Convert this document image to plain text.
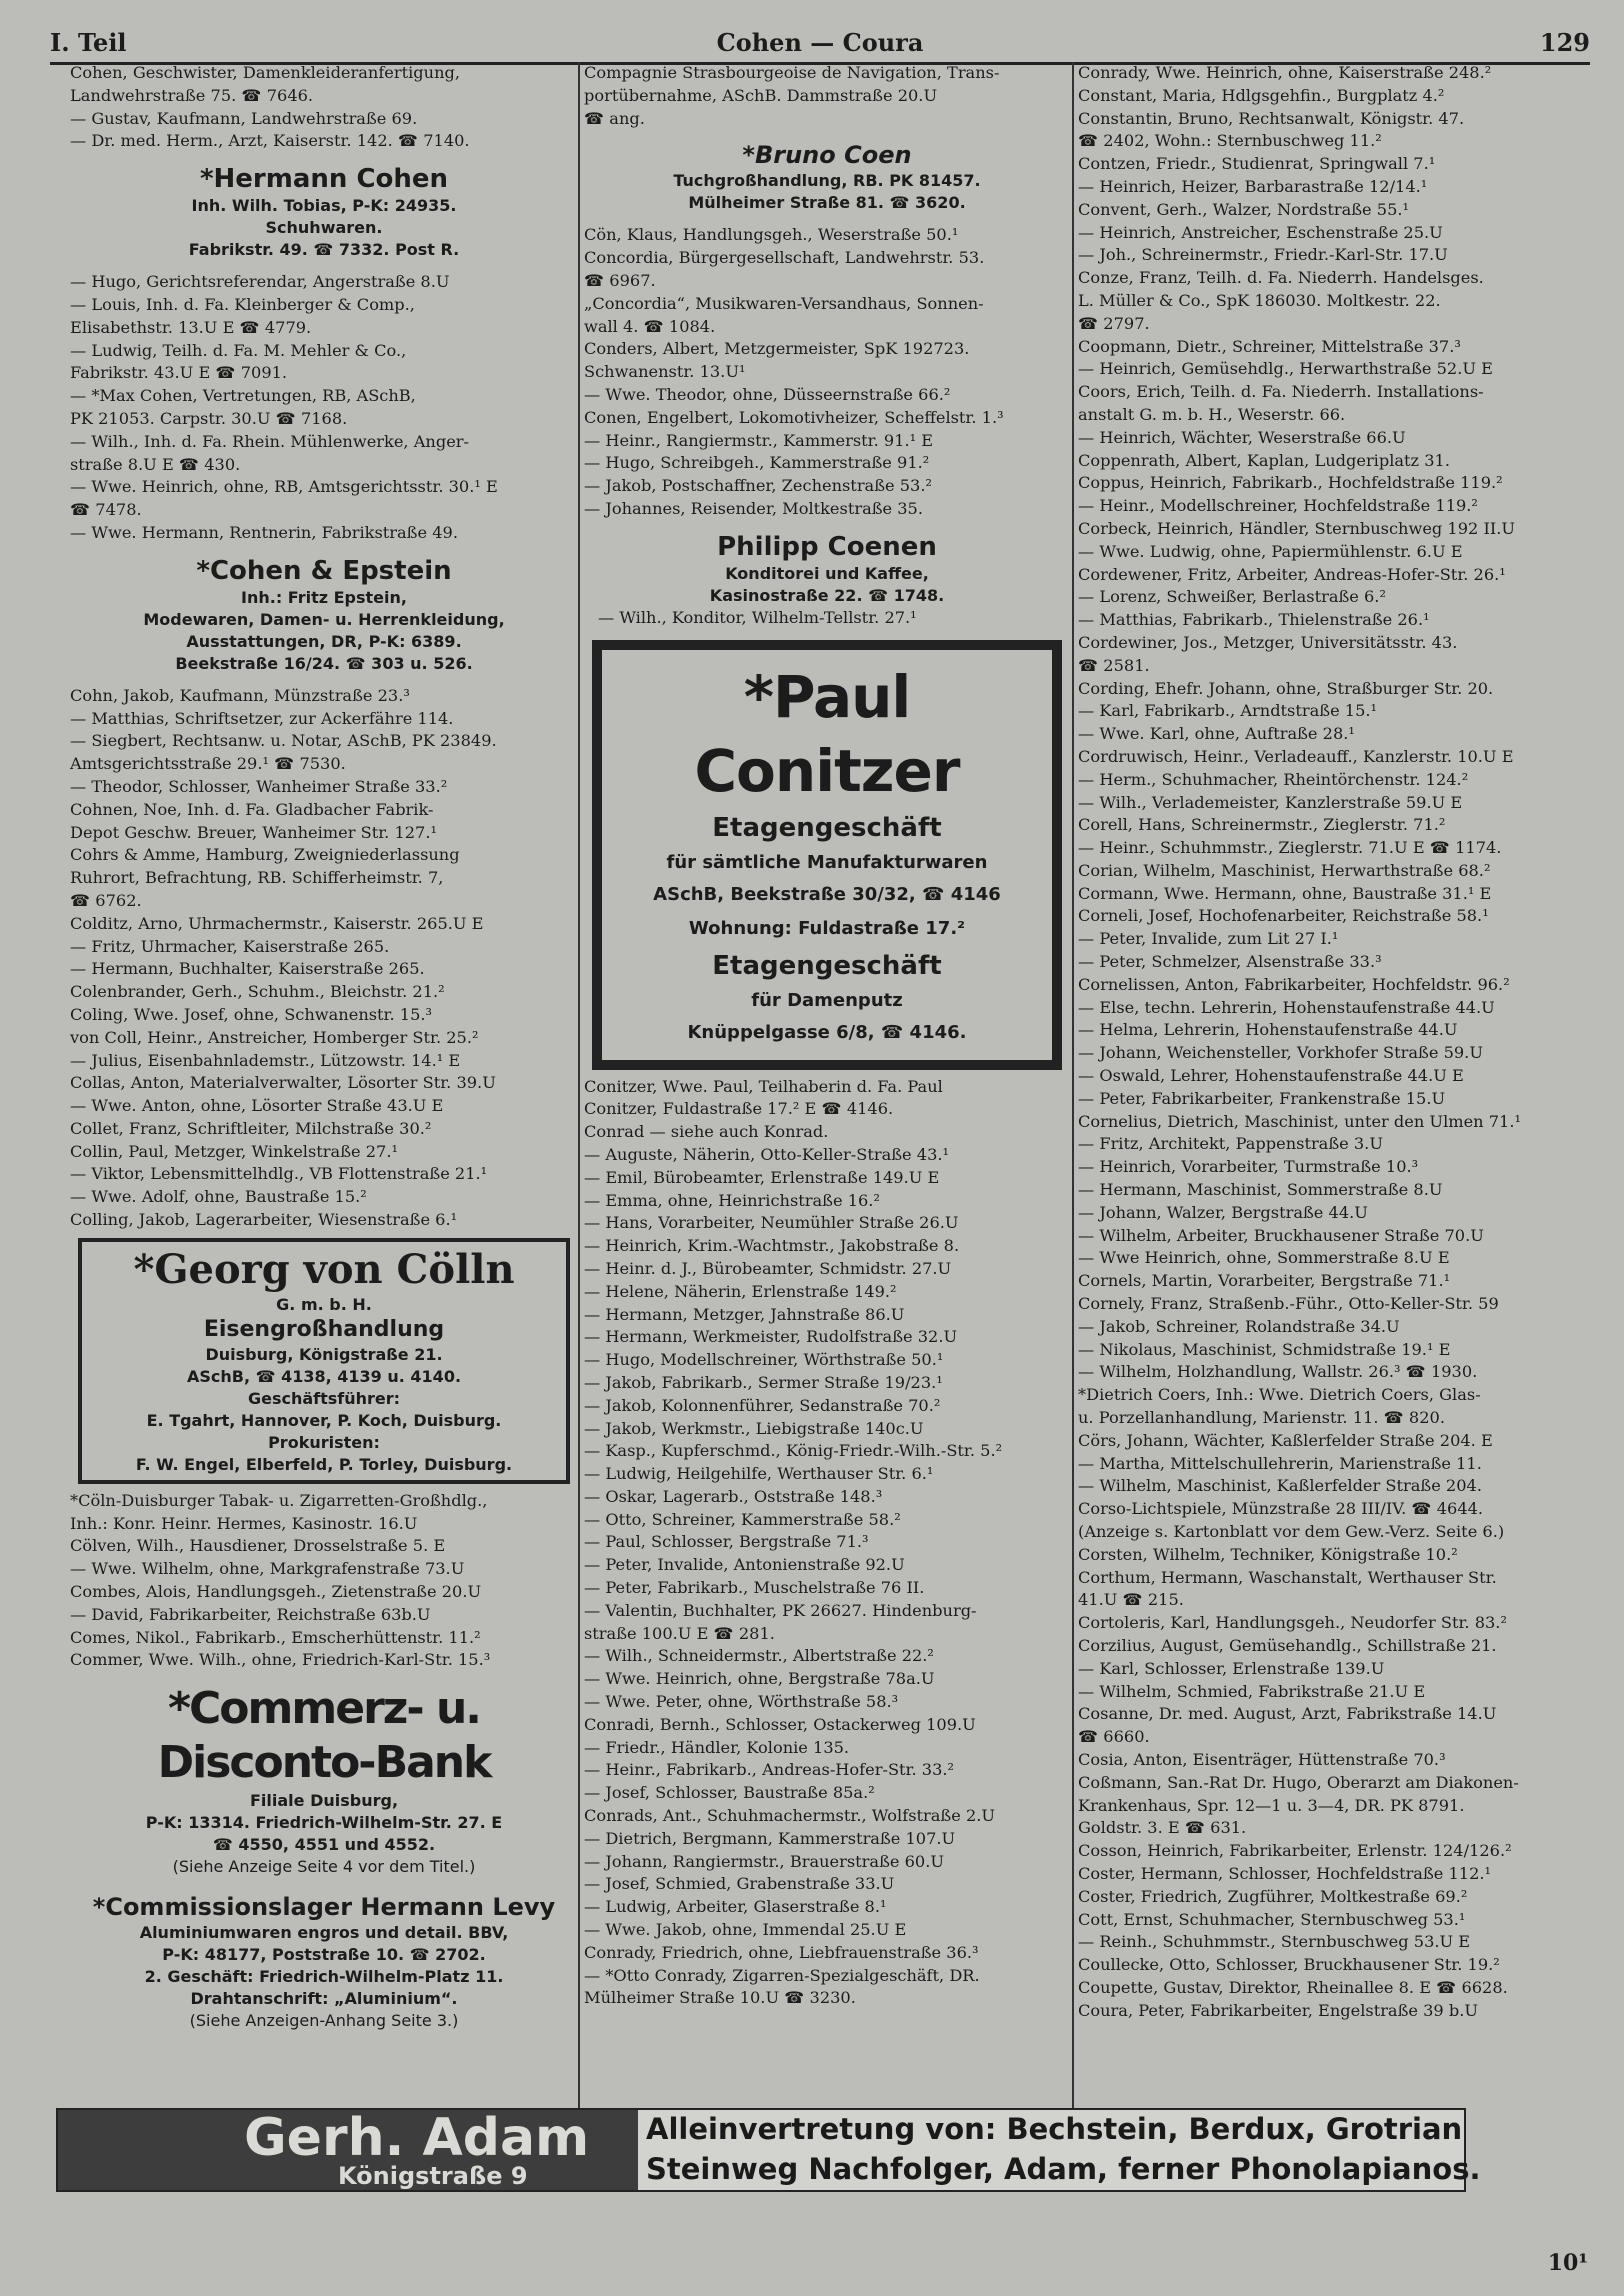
I. Teil	Cohen — Coura	129
Cohen, Geschwister, Damenkleideranfertigung,
Landwehrstraße 75. ☎ 7646.
— Gustav, Kaufmann, Landwehrstraße 69.
— Dr. med. Herm., Arzt, Kaiserstr. 142. ☎ 7140.
*Hermann Cohen
Inh. Wilh. Tobias, P-K: 24935.
Schuhwaren.
Fabrikstr. 49. ☎ 7332. Post R.
— Hugo, Gerichtsreferendar, Angerstraße 8.U
— Louis, Inh. d. Fa. Kleinberger & Comp.,
Elisabethstr. 13.U E ☎ 4779.
— Ludwig, Teilh. d. Fa. M. Mehler & Co.,
Fabrikstr. 43.U E ☎ 7091.
— *Max Cohen, Vertretungen, RB, ASchB,
PK 21053. Carpstr. 30.U ☎ 7168.
— Wilh., Inh. d. Fa. Rhein. Mühlenwerke, Anger-
straße 8.U E ☎ 430.
— Wwe. Heinrich, ohne, RB, Amtsgerichtsstr. 30.¹ E
☎ 7478.
— Wwe. Hermann, Rentnerin, Fabrikstraße 49.
*Cohen & Epstein
Inh.: Fritz Epstein,
Modewaren, Damen- u. Herrenkleidung,
Ausstattungen, DR, P-K: 6389.
Beekstraße 16/24. ☎ 303 u. 526.
Cohn, Jakob, Kaufmann, Münzstraße 23.³
— Matthias, Schriftsetzer, zur Ackerfähre 114.
— Siegbert, Rechtsanw. u. Notar, ASchB, PK 23849.
Amtsgerichtsstraße 29.¹ ☎ 7530.
— Theodor, Schlosser, Wanheimer Straße 33.²
Cohnen, Noe, Inh. d. Fa. Gladbacher Fabrik-
Depot Geschw. Breuer, Wanheimer Str. 127.¹
Cohrs & Amme, Hamburg, Zweigniederlassung
Ruhrort, Befrachtung, RB. Schifferheimstr. 7,
☎ 6762.
Colditz, Arno, Uhrmachermstr., Kaiserstr. 265.U E
— Fritz, Uhrmacher, Kaiserstraße 265.
— Hermann, Buchhalter, Kaiserstraße 265.
Colenbrander, Gerh., Schuhm., Bleichstr. 21.²
Coling, Wwe. Josef, ohne, Schwanenstr. 15.³
von Coll, Heinr., Anstreicher, Homberger Str. 25.²
— Julius, Eisenbahnlademstr., Lützowstr. 14.¹ E
Collas, Anton, Materialverwalter, Lösorter Str. 39.U
— Wwe. Anton, ohne, Lösorter Straße 43.U E
Collet, Franz, Schriftleiter, Milchstraße 30.²
Collin, Paul, Metzger, Winkelstraße 27.¹
— Viktor, Lebensmittelhdlg., VB Flottenstraße 21.¹
— Wwe. Adolf, ohne, Baustraße 15.²
Colling, Jakob, Lagerarbeiter, Wiesenstraße 6.¹
*Georg von Cölln
G. m. b. H.
Eisengroßhandlung
Duisburg, Königstraße 21.
ASchB, ☎ 4138, 4139 u. 4140.
Geschäftsführer:
E. Tgahrt, Hannover, P. Koch, Duisburg.
Prokuristen:
F. W. Engel, Elberfeld, P. Torley, Duisburg.
*Cöln-Duisburger Tabak- u. Zigarretten-Großhdlg.,
Inh.: Konr. Heinr. Hermes, Kasinostr. 16.U
Cölven, Wilh., Hausdiener, Drosselstraße 5. E
— Wwe. Wilhelm, ohne, Markgrafenstraße 73.U
Combes, Alois, Handlungsgeh., Zietenstraße 20.U
— David, Fabrikarbeiter, Reichstraße 63b.U
Comes, Nikol., Fabrikarb., Emscherhüttenstr. 11.²
Commer, Wwe. Wilh., ohne, Friedrich-Karl-Str. 15.³
*Commerz- u. Disconto-Bank
Filiale Duisburg,
P-K: 13314. Friedrich-Wilhelm-Str. 27. E
☎ 4550, 4551 und 4552.
(Siehe Anzeige Seite 4 vor dem Titel.)
*Commissionslager Hermann Levy
Aluminiumwaren engros und detail. BBV,
P-K: 48177, Poststraße 10. ☎ 2702.
2. Geschäft: Friedrich-Wilhelm-Platz 11.
Drahtanschrift: „Aluminium“.
(Siehe Anzeigen-Anhang Seite 3.)
Compagnie Strasbourgeoise de Navigation, Trans-
portübernahme, ASchB. Dammstraße 20.U
☎ ang.
*Bruno Coen
Tuchgroßhandlung, RB. PK 81457.
Mülheimer Straße 81. ☎ 3620.
Cön, Klaus, Handlungsgeh., Weserstraße 50.¹
Concordia, Bürgergesellschaft, Landwehrstr. 53.
☎ 6967.
„Concordia“, Musikwaren-Versandhaus, Sonnen-
wall 4. ☎ 1084.
Conders, Albert, Metzgermeister, SpK 192723.
Schwanenstr. 13.U¹
— Wwe. Theodor, ohne, Düsseernstraße 66.²
Conen, Engelbert, Lokomotivheizer, Scheffelstr. 1.³
— Heinr., Rangiermstr., Kammerstr. 91.¹ E
— Hugo, Schreibgeh., Kammerstraße 91.²
— Jakob, Postschaffner, Zechenstraße 53.²
— Johannes, Reisender, Moltkestraße 35.
Philipp Coenen
Konditorei und Kaffee,
Kasinostraße 22. ☎ 1748.
— Wilh., Konditor, Wilhelm-Tellstr. 27.¹
*Paul Conitzer
Etagengeschäft
für sämtliche Manufakturwaren
ASchB, Beekstraße 30/32, ☎ 4146
Wohnung: Fuldastraße 17.²
Etagengeschäft
für Damenputz
Knüppelgasse 6/8, ☎ 4146.
Conitzer, Wwe. Paul, Teilhaberin d. Fa. Paul
Conitzer, Fuldastraße 17.² E ☎ 4146.
Conrad — siehe auch Konrad.
— Auguste, Näherin, Otto-Keller-Straße 43.¹
— Emil, Bürobeamter, Erlenstraße 149.U E
— Emma, ohne, Heinrichstraße 16.²
— Hans, Vorarbeiter, Neumühler Straße 26.U
— Heinrich, Krim.-Wachtmstr., Jakobstraße 8.
— Heinr. d. J., Bürobeamter, Schmidstr. 27.U
— Helene, Näherin, Erlenstraße 149.²
— Hermann, Metzger, Jahnstraße 86.U
— Hermann, Werkmeister, Rudolfstraße 32.U
— Hugo, Modellschreiner, Wörthstraße 50.¹
— Jakob, Fabrikarb., Sermer Straße 19/23.¹
— Jakob, Kolonnenführer, Sedanstraße 70.²
— Jakob, Werkmstr., Liebigstraße 140c.U
— Kasp., Kupferschmd., König-Friedr.-Wilh.-Str. 5.²
— Ludwig, Heilgehilfe, Werthauser Str. 6.¹
— Oskar, Lagerarb., Oststraße 148.³
— Otto, Schreiner, Kammerstraße 58.²
— Paul, Schlosser, Bergstraße 71.³
— Peter, Invalide, Antonienstraße 92.U
— Peter, Fabrikarb., Muschelstraße 76 II.
— Valentin, Buchhalter, PK 26627. Hindenburg-
straße 100.U E ☎ 281.
— Wilh., Schneidermstr., Albertstraße 22.²
— Wwe. Heinrich, ohne, Bergstraße 78a.U
— Wwe. Peter, ohne, Wörthstraße 58.³
Conradi, Bernh., Schlosser, Ostackerweg 109.U
— Friedr., Händler, Kolonie 135.
— Heinr., Fabrikarb., Andreas-Hofer-Str. 33.²
— Josef, Schlosser, Baustraße 85a.²
Conrads, Ant., Schuhmachermstr., Wolfstraße 2.U
— Dietrich, Bergmann, Kammerstraße 107.U
— Johann, Rangiermstr., Brauerstraße 60.U
— Josef, Schmied, Grabenstraße 33.U
— Ludwig, Arbeiter, Glaserstraße 8.¹
— Wwe. Jakob, ohne, Immendal 25.U E
Conrady, Friedrich, ohne, Liebfrauenstraße 36.³
— *Otto Conrady, Zigarren-Spezialgeschäft, DR.
Mülheimer Straße 10.U ☎ 3230.
Conrady, Wwe. Heinrich, ohne, Kaiserstraße 248.²
Constant, Maria, Hdlgsgehfin., Burgplatz 4.²
Constantin, Bruno, Rechtsanwalt, Königstr. 47.
☎ 2402, Wohn.: Sternbuschweg 11.²
Contzen, Friedr., Studienrat, Springwall 7.¹
— Heinrich, Heizer, Barbarastraße 12/14.¹
Convent, Gerh., Walzer, Nordstraße 55.¹
— Heinrich, Anstreicher, Eschenstraße 25.U
— Joh., Schreinermstr., Friedr.-Karl-Str. 17.U
Conze, Franz, Teilh. d. Fa. Niederrh. Handelsges.
L. Müller & Co., SpK 186030. Moltkestr. 22.
☎ 2797.
Coopmann, Dietr., Schreiner, Mittelstraße 37.³
— Heinrich, Gemüsehdlg., Herwarthstraße 52.U E
Coors, Erich, Teilh. d. Fa. Niederrh. Installations-
anstalt G. m. b. H., Weserstr. 66.
— Heinrich, Wächter, Weserstraße 66.U
Coppenrath, Albert, Kaplan, Ludgeriplatz 31.
Coppus, Heinrich, Fabrikarb., Hochfeldstraße 119.²
— Heinr., Modellschreiner, Hochfeldstraße 119.²
Corbeck, Heinrich, Händler, Sternbuschweg 192 II.U
— Wwe. Ludwig, ohne, Papiermühlenstr. 6.U E
Cordewener, Fritz, Arbeiter, Andreas-Hofer-Str. 26.¹
— Lorenz, Schweißer, Berlastraße 6.²
— Matthias, Fabrikarb., Thielenstraße 26.¹
Cordewiner, Jos., Metzger, Universitätsstr. 43.
☎ 2581.
Cording, Ehefr. Johann, ohne, Straßburger Str. 20.
— Karl, Fabrikarb., Arndtstraße 15.¹
— Wwe. Karl, ohne, Auftraße 28.¹
Cordruwisch, Heinr., Verladeauff., Kanzlerstr. 10.U E
— Herm., Schuhmacher, Rheintörchenstr. 124.²
— Wilh., Verlademeister, Kanzlerstraße 59.U E
Corell, Hans, Schreinermstr., Zieglerstr. 71.²
— Heinr., Schuhmmstr., Zieglerstr. 71.U E ☎ 1174.
Corian, Wilhelm, Maschinist, Herwarthstraße 68.²
Cormann, Wwe. Hermann, ohne, Baustraße 31.¹ E
Corneli, Josef, Hochofenarbeiter, Reichstraße 58.¹
— Peter, Invalide, zum Lit 27 I.¹
— Peter, Schmelzer, Alsenstraße 33.³
Cornelissen, Anton, Fabrikarbeiter, Hochfeldstr. 96.²
— Else, techn. Lehrerin, Hohenstaufenstraße 44.U
— Helma, Lehrerin, Hohenstaufenstraße 44.U
— Johann, Weichensteller, Vorkhofer Straße 59.U
— Oswald, Lehrer, Hohenstaufenstraße 44.U E
— Peter, Fabrikarbeiter, Frankenstraße 15.U
Cornelius, Dietrich, Maschinist, unter den Ulmen 71.¹
— Fritz, Architekt, Pappenstraße 3.U
— Heinrich, Vorarbeiter, Turmstraße 10.³
— Hermann, Maschinist, Sommerstraße 8.U
— Johann, Walzer, Bergstraße 44.U
— Wilhelm, Arbeiter, Bruckhausener Straße 70.U
— Wwe Heinrich, ohne, Sommerstraße 8.U E
Cornels, Martin, Vorarbeiter, Bergstraße 71.¹
Cornely, Franz, Straßenb.-Führ., Otto-Keller-Str. 59
— Jakob, Schreiner, Rolandstraße 34.U
— Nikolaus, Maschinist, Schmidstraße 19.¹ E
— Wilhelm, Holzhandlung, Wallstr. 26.³ ☎ 1930.
*Dietrich Coers, Inh.: Wwe. Dietrich Coers, Glas-
u. Porzellanhandlung, Marienstr. 11. ☎ 820.
Cörs, Johann, Wächter, Kaßlerfelder Straße 204. E
— Martha, Mittelschullehrerin, Marienstraße 11.
— Wilhelm, Maschinist, Kaßlerfelder Straße 204.
Corso-Lichtspiele, Münzstraße 28 III/IV. ☎ 4644.
(Anzeige s. Kartonblatt vor dem Gew.-Verz. Seite 6.)
Corsten, Wilhelm, Techniker, Königstraße 10.²
Corthum, Hermann, Waschanstalt, Werthauser Str.
41.U ☎ 215.
Cortoleris, Karl, Handlungsgeh., Neudorfer Str. 83.²
Corzilius, August, Gemüsehandlg., Schillstraße 21.
— Karl, Schlosser, Erlenstraße 139.U
— Wilhelm, Schmied, Fabrikstraße 21.U E
Cosanne, Dr. med. August, Arzt, Fabrikstraße 14.U
☎ 6660.
Cosia, Anton, Eisenträger, Hüttenstraße 70.³
Coßmann, San.-Rat Dr. Hugo, Oberarzt am Diakonen-
Krankenhaus, Spr. 12—1 u. 3—4, DR. PK 8791.
Goldstr. 3. E ☎ 631.
Cosson, Heinrich, Fabrikarbeiter, Erlenstr. 124/126.²
Coster, Hermann, Schlosser, Hochfeldstraße 112.¹
Coster, Friedrich, Zugführer, Moltkestraße 69.²
Cott, Ernst, Schuhmacher, Sternbuschweg 53.¹
— Reinh., Schuhmmstr., Sternbuschweg 53.U E
Coullecke, Otto, Schlosser, Bruckhausener Str. 19.²
Coupette, Gustav, Direktor, Rheinallee 8. E ☎ 6628.
Coura, Peter, Fabrikarbeiter, Engelstraße 39 b.U
Gerh. Adam
Königstraße 9
Alleinvertretung von: Bechstein, Berdux, Grotrian
Steinweg Nachfolger, Adam, ferner Phonolapianos.
10¹
